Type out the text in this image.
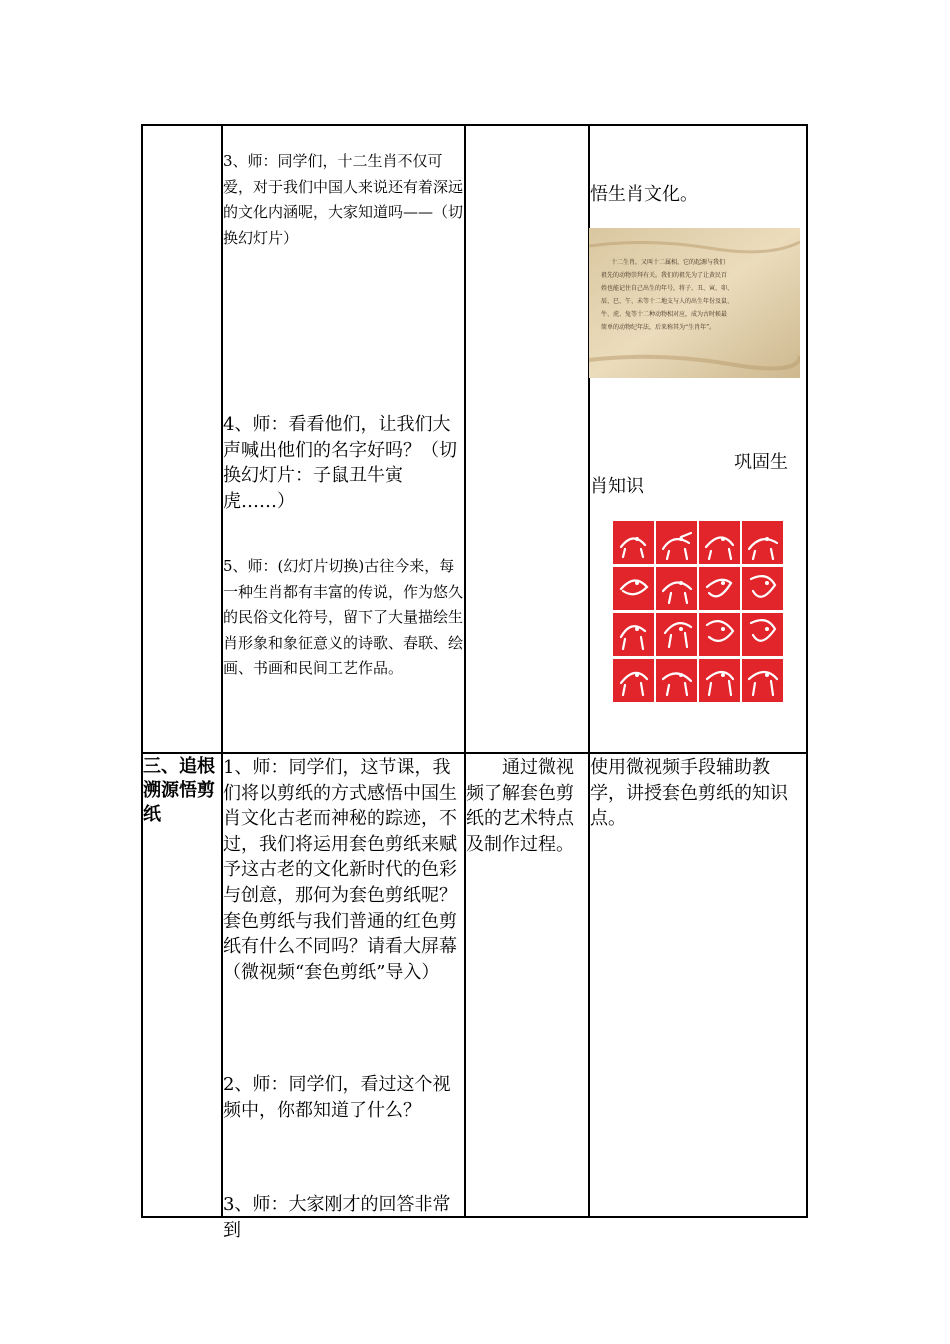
3、师：同学们，十二生肖不仅可爱，对于我们中国人来说还有着深远的文化内涵呢，大家知道吗——（切换幻灯片）
4、师：看看他们，让我们大声喊出他们的名字好吗？（切换幻灯片：子鼠丑牛寅虎……）
5、师：(幻灯片切换)古往今来，每一种生肖都有丰富的传说，作为悠久的民俗文化符号，留下了大量描绘生肖形象和象征意义的诗歌、春联、绘画、书画和民间工艺作品。
悟生肖文化。
十二生肖，又叫十二属相，它的起源与我们
祖先的动物崇拜有关。我们的祖先为了让黄民百
姓也能记住自己出生的年号，将子、丑、寅、卯、
辰、巳、午、未等十二地支与人的出生年份及鼠、
牛、虎、兔等十二种动物相对应，成为古时候最
简单的动物纪年法，后来称其为“生肖年”。
巩固生
肖知识
三、追根溯源悟剪纸
1、师：同学们，这节课，我们将以剪纸的方式感悟中国生肖文化古老而神秘的踪迹，不过，我们将运用套色剪纸来赋予这古老的文化新时代的色彩与创意，那何为套色剪纸呢？套色剪纸与我们普通的红色剪纸有什么不同吗？请看大屏幕（微视频“套色剪纸”导入）
2、师：同学们，看过这个视频中，你都知道了什么？
3、师：大家刚才的回答非常到
通过微视频了解套色剪纸的艺术特点及制作过程。
使用微视频手段辅助教学，讲授套色剪纸的知识点。
